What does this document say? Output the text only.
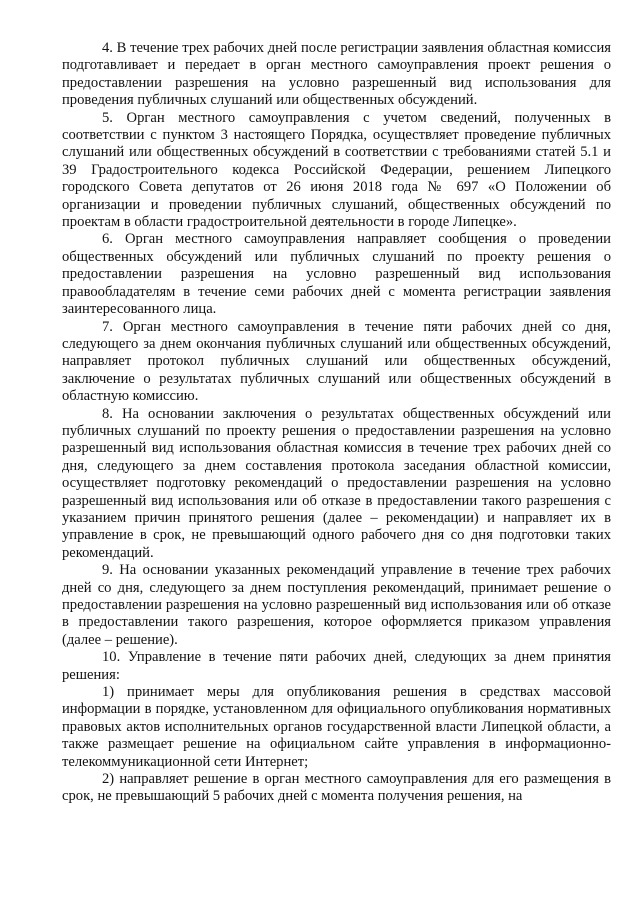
4. В течение трех рабочих дней после регистрации заявления областная комиссия подготавливает и передает в орган местного самоуправления проект решения о предоставлении разрешения на условно разрешенный вид использования для проведения публичных слушаний или общественных обсуждений.

5. Орган местного самоуправления с учетом сведений, полученных в соответствии с пунктом 3 настоящего Порядка, осуществляет проведение публичных слушаний или общественных обсуждений в соответствии с требованиями статей 5.1 и 39 Градостроительного кодекса Российской Федерации, решением Липецкого городского Совета депутатов от 26 июня 2018 года № 697 «О Положении об организации и проведении публичных слушаний, общественных обсуждений по проектам в области градостроительной деятельности в городе Липецке».

6. Орган местного самоуправления направляет сообщения о проведении общественных обсуждений или публичных слушаний по проекту решения о предоставлении разрешения на условно разрешенный вид использования правообладателям в течение семи рабочих дней с момента регистрации заявления заинтересованного лица.

7. Орган местного самоуправления в течение пяти рабочих дней со дня, следующего за днем окончания публичных слушаний или общественных обсуждений, направляет протокол публичных слушаний или общественных обсуждений, заключение о результатах публичных слушаний или общественных обсуждений в областную комиссию.

8. На основании заключения о результатах общественных обсуждений или публичных слушаний по проекту решения о предоставлении разрешения на условно разрешенный вид использования областная комиссия в течение трех рабочих дней со дня, следующего за днем составления протокола заседания областной комиссии, осуществляет подготовку рекомендаций о предоставлении разрешения на условно разрешенный вид использования или об отказе в предоставлении такого разрешения с указанием причин принятого решения (далее – рекомендации) и направляет их в управление в срок, не превышающий одного рабочего дня со дня подготовки таких рекомендаций.

9. На основании указанных рекомендаций управление в течение трех рабочих дней со дня, следующего за днем поступления рекомендаций, принимает решение о предоставлении разрешения на условно разрешенный вид использования или об отказе в предоставлении такого разрешения, которое оформляется приказом управления (далее – решение).

10. Управление в течение пяти рабочих дней, следующих за днем принятия решения:

1) принимает меры для опубликования решения в средствах массовой информации в порядке, установленном для официального опубликования нормативных правовых актов исполнительных органов государственной власти Липецкой области, а также размещает решение на официальном сайте управления в информационно-телекоммуникационной сети Интернет;

2) направляет решение в орган местного самоуправления для его размещения в срок, не превышающий 5 рабочих дней с момента получения решения, на
